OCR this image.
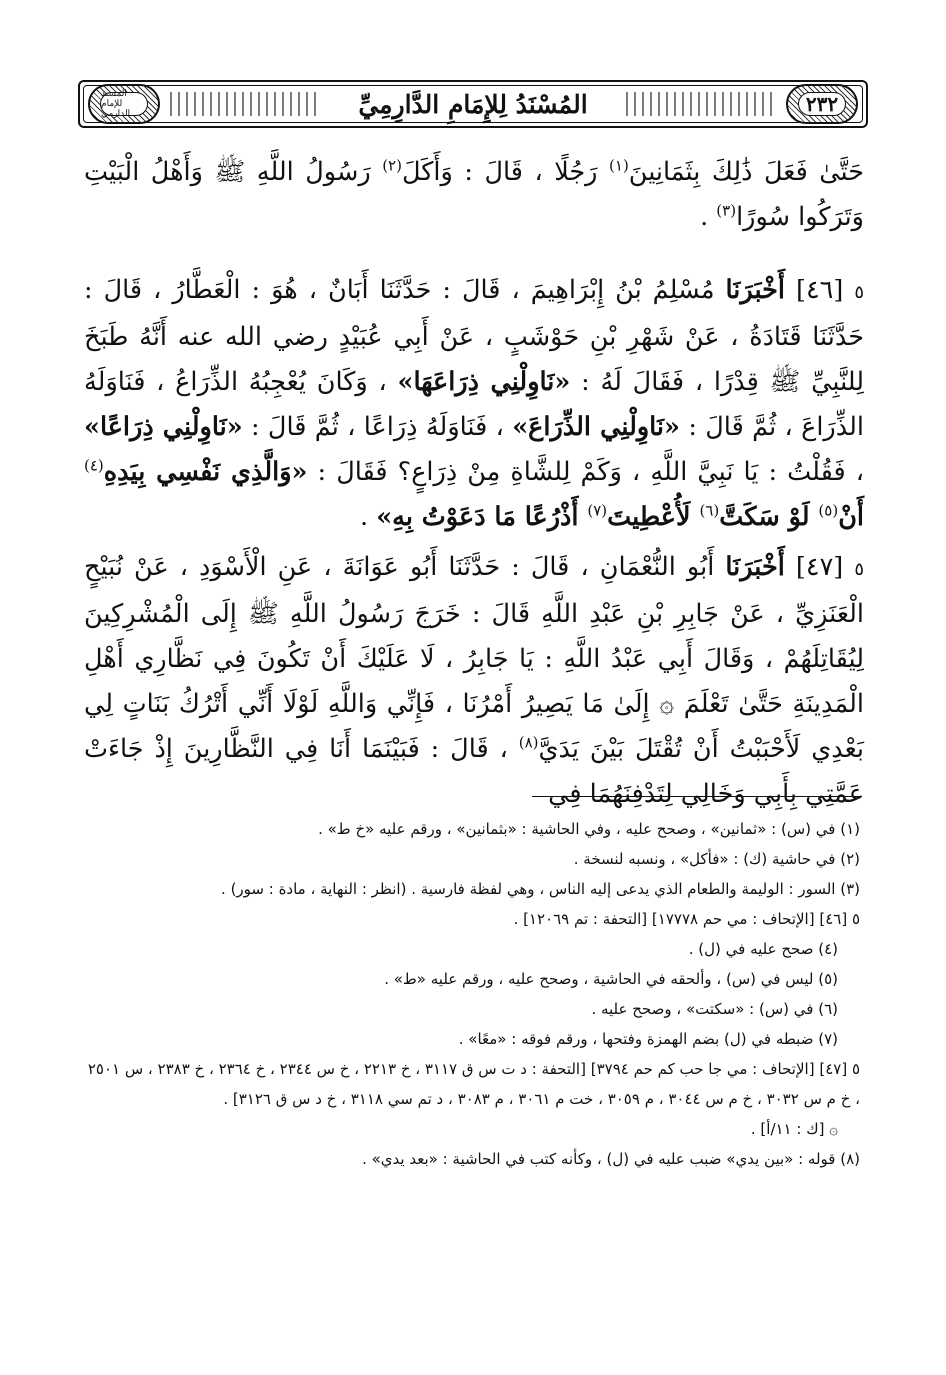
المسند للإمام الدارمي	المُسْنَدُ لِلإِمَامِ الدَّارِمِيِّ	٢٣٢

حَتَّىٰ فَعَلَ ذَٰلِكَ بِثَمَانِينَ$^{(١)}$ رَجُلًا ، قَالَ : وَأَكَلَ$^{(٢)}$ رَسُولُ اللَّهِ ﷺ وَأَهْلُ الْبَيْتِ وَتَرَكُوا سُورًا$^{(٣)}$ .

٥ [٤٦] أَخْبَرَنَا مُسْلِمُ بْنُ إِبْرَاهِيمَ ، قَالَ : حَدَّثَنَا أَبَانٌ ، هُوَ : الْعَطَّارُ ، قَالَ : حَدَّثَنَا قَتَادَةُ ، عَنْ شَهْرِ بْنِ حَوْشَبٍ ، عَنْ أَبِي عُبَيْدٍ رضي الله عنه أَنَّهُ طَبَخَ لِلنَّبِيِّ ﷺ قِدْرًا ، فَقَالَ لَهُ : «نَاوِلْنِي ذِرَاعَهَا» ، وَكَانَ يُعْجِبُهُ الذِّرَاعُ ، فَنَاوَلَهُ الذِّرَاعَ ، ثُمَّ قَالَ : «نَاوِلْنِي الذِّرَاعَ» ، فَنَاوَلَهُ ذِرَاعًا ، ثُمَّ قَالَ : «نَاوِلْنِي ذِرَاعًا» ، فَقُلْتُ : يَا نَبِيَّ اللَّهِ ، وَكَمْ لِلشَّاةِ مِنْ ذِرَاعٍ؟ فَقَالَ : «وَالَّذِي نَفْسِي بِيَدِهِ$^{(٤)}$ أَنْ$^{(٥)}$ لَوْ سَكَتَّ$^{(٦)}$ لَأُعْطِيتَ$^{(٧)}$ أَذْرُعًا مَا دَعَوْتُ بِهِ» .

٥ [٤٧] أَخْبَرَنَا أَبُو النُّعْمَانِ ، قَالَ : حَدَّثَنَا أَبُو عَوَانَةَ ، عَنِ الْأَسْوَدِ ، عَنْ نُبَيْحٍ الْعَنَزِيِّ ، عَنْ جَابِرِ بْنِ عَبْدِ اللَّهِ قَالَ : خَرَجَ رَسُولُ اللَّهِ ﷺ إِلَى الْمُشْرِكِينَ لِيُقَاتِلَهُمْ ، وَقَالَ أَبِي عَبْدُ اللَّهِ : يَا جَابِرُ ، لَا عَلَيْكَ أَنْ تَكُونَ فِي نَظَّارِي أَهْلِ الْمَدِينَةِ حَتَّىٰ تَعْلَمَ ۞ إِلَىٰ مَا يَصِيرُ أَمْرُنَا ، فَإِنِّي وَاللَّهِ لَوْلَا أَنِّي أَتْرُكُ بَنَاتٍ لِي بَعْدِي لَأَحْبَبْتُ أَنْ تُقْتَلَ بَيْنَ يَدَيَّ$^{(٨)}$ ، قَالَ : فَبَيْنَمَا أَنَا فِي النَّظَّارِينَ إِذْ جَاءَتْ عَمَّتِي بِأَبِي وَخَالِي لِتَدْفِنَهُمَا فِي

(١) في (س) : «ثمانين» ، وصحح عليه ، وفي الحاشية : «بثمانين» ، ورقم عليه «خ ط» .
(٢) في حاشية (ك) : «فأكل» ، ونسبه لنسخة .
(٣) السور : الوليمة والطعام الذي يدعى إليه الناس ، وهي لفظة فارسية . (انظر : النهاية ، مادة : سور) .
٥ [٤٦] [الإتحاف : مي حم ١٧٧٧٨] [التحفة : تم ١٢٠٦٩] .
(٤) صحح عليه في (ل) .
(٥) ليس في (س) ، وألحقه في الحاشية ، وصحح عليه ، ورقم عليه «ط» .
(٦) في (س) : «سكتت» ، وصحح عليه .
(٧) ضبطه في (ل) بضم الهمزة وفتحها ، ورقم فوقه : «معًا» .
٥ [٤٧] [الإتحاف : مي جا حب كم حم ٣٧٩٤] [التحفة : د ت س ق ٣١١٧ ، خ ٢٢١٣ ، خ س ٢٣٤٤ ، خ ٢٣٦٤ ، خ ٢٣٨٣ ، س ٢٥٠١ ، خ م س ٣٠٣٢ ، خ م س ٣٠٤٤ ، م ٣٠٥٩ ، خت م ٣٠٦١ ، م ٣٠٨٣ ، د تم سي ٣١١٨ ، خ د س ق ٣١٢٦] .
۞ [ك : ١١/أ] .
(٨) قوله : «بين يدي» ضبب عليه في (ل) ، وكأنه كتب في الحاشية : «بعد يدي» .
